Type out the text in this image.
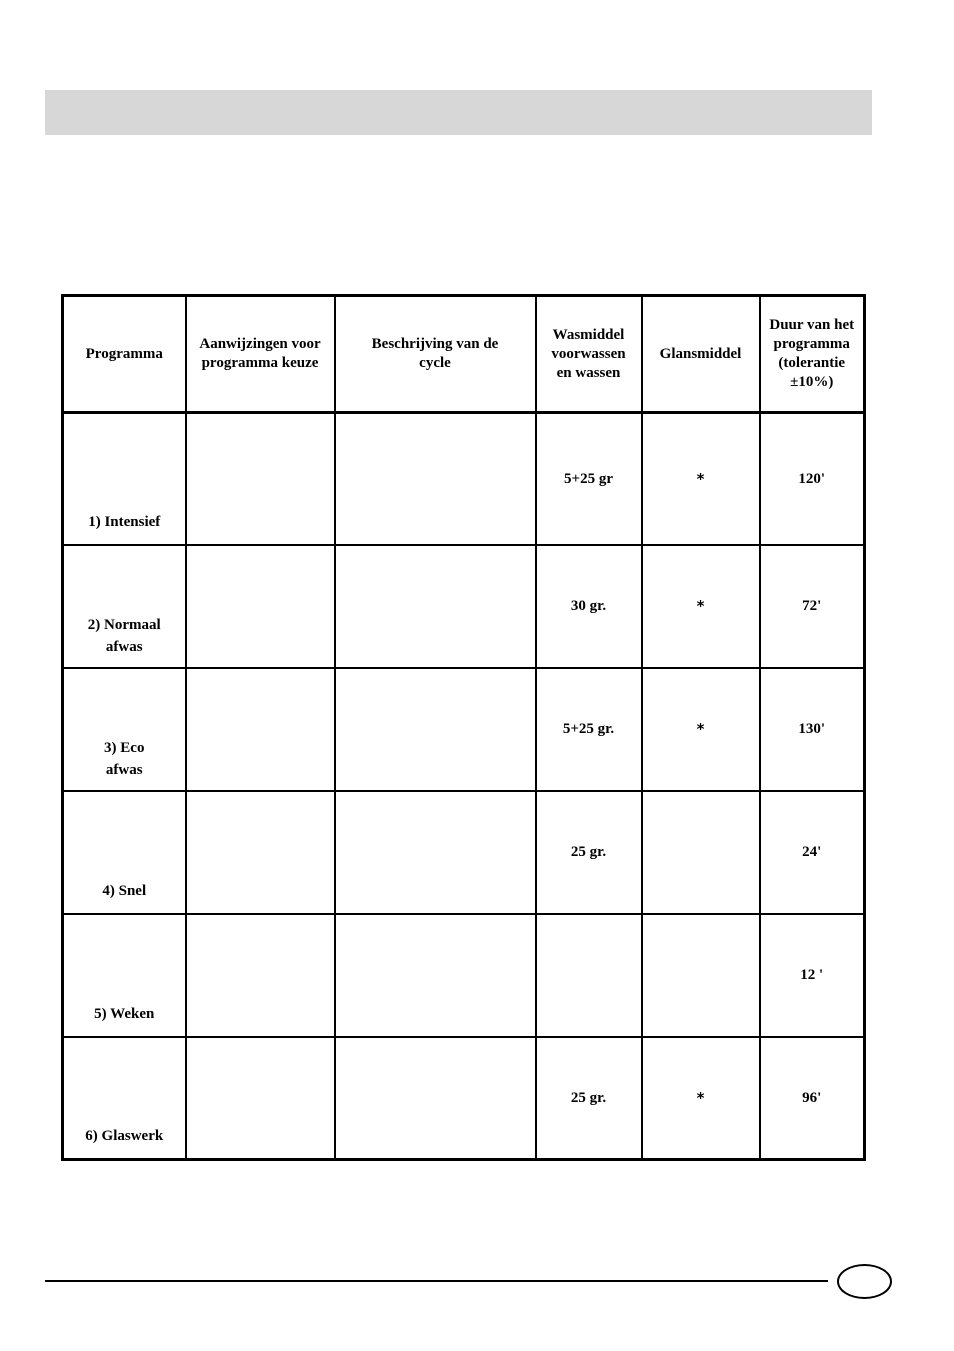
Programma	Aanwijzingen voor programma keuze	Beschrijving van de cycle	Wasmiddel voorwassen en wassen	Glansmiddel	Duur van het programma (tolerantie ±10%)

1) Intensief			5+25 gr	*	120'

2) Normaal afwas			30 gr.	*	72'

3) Eco afwas			5+25 gr.	*	130'

4) Snel			25 gr.		24'

5) Weken					12 '

6) Glaswerk			25 gr.	*	96'
